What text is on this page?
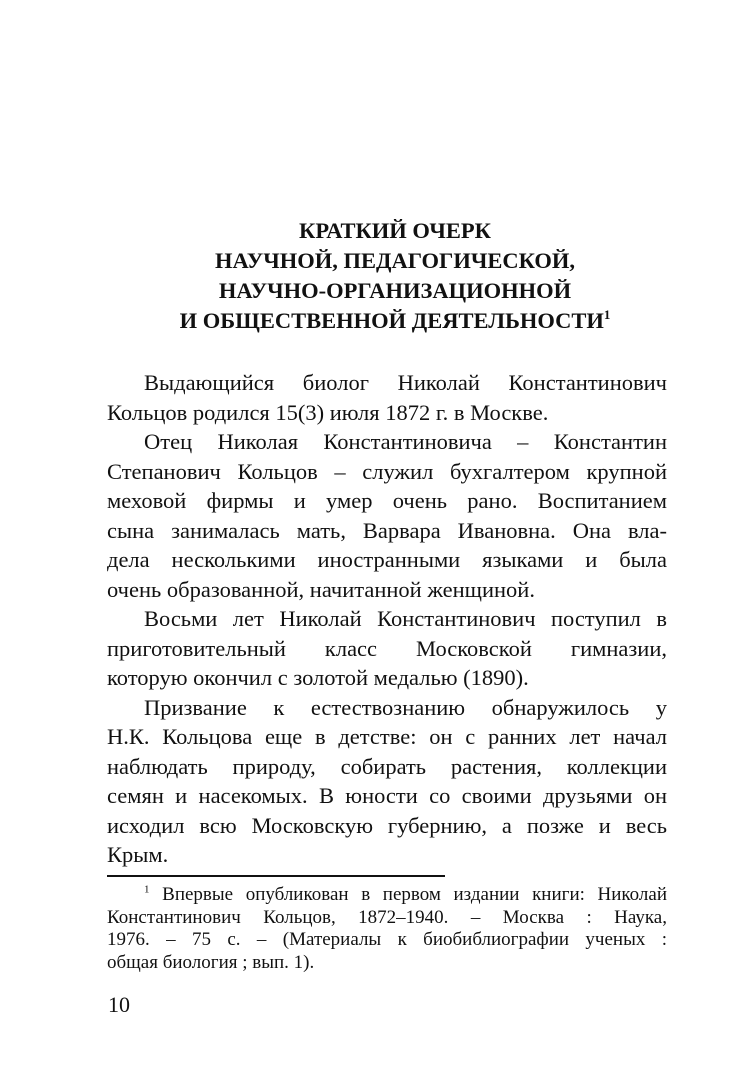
КРАТКИЙ ОЧЕРК
НАУЧНОЙ, ПЕДАГОГИЧЕСКОЙ,
НАУЧНО-ОРГАНИЗАЦИОННОЙ
И ОБЩЕСТВЕННОЙ ДЕЯТЕЛЬНОСТИ$^1$

Выдающийся биолог Николай Константинович
Кольцов родился 15(3) июля 1872 г. в Москве.

Отец Николая Константиновича – Константин
Степанович Кольцов – служил бухгалтером крупной
меховой фирмы и умер очень рано. Воспитанием
сына занималась мать, Варвара Ивановна. Она вла-
дела несколькими иностранными языками и была
очень образованной, начитанной женщиной.

Восьми лет Николай Константинович поступил в
приготовительный класс Московской гимназии,
которую окончил с золотой медалью (1890).

Призвание к естествознанию обнаружилось у
Н.К. Кольцова еще в детстве: он с ранних лет начал
наблюдать природу, собирать растения, коллекции
семян и насекомых. В юности со своими друзьями он
исходил всю Московскую губернию, а позже и весь
Крым.

$^1$ Впервые опубликован в первом издании книги: Николай
Константинович Кольцов, 1872–1940. – Москва : Наука,
1976. – 75 с. – (Материалы к биобиблиографии ученых :
общая биология ; вып. 1).
10
